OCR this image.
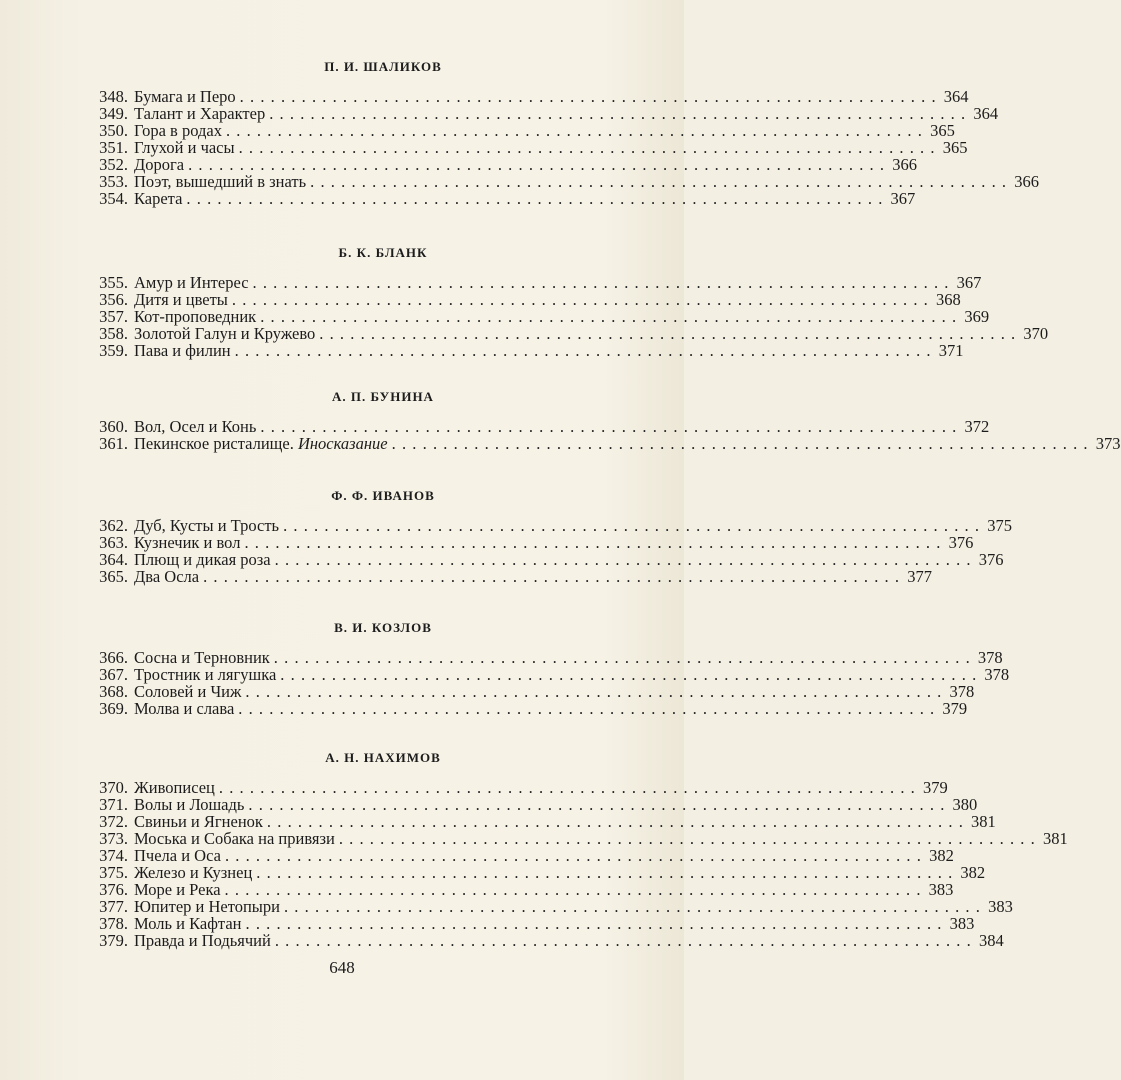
П. И. ШАЛИКОВ
348. Бумага и Перо .................................................................... 364
349. Талант и Характер .................................................................... 364
350. Гора в родах .................................................................... 365
351. Глухой и часы .................................................................... 365
352. Дорога .................................................................... 366
353. Поэт, вышедший в знать .................................................................... 366
354. Карета .................................................................... 367
Б. К. БЛАНК
355. Амур и Интерес .................................................................... 367
356. Дитя и цветы .................................................................... 368
357. Кот-проповедник .................................................................... 369
358. Золотой Галун и Кружево .................................................................... 370
359. Пава и филин .................................................................... 371
А. П. БУНИНА
360. Вол, Осел и Конь .................................................................... 372
361. Пекинское ристалище. Иносказание .................................................................... 373
Ф. Ф. ИВАНОВ
362. Дуб, Кусты и Трость .................................................................... 375
363. Кузнечик и вол .................................................................... 376
364. Плющ и дикая роза .................................................................... 376
365. Два Осла .................................................................... 377
В. И. КОЗЛОВ
366. Сосна и Терновник .................................................................... 378
367. Тростник и лягушка .................................................................... 378
368. Соловей и Чиж .................................................................... 378
369. Молва и слава .................................................................... 379
А. Н. НАХИМОВ
370. Живописец .................................................................... 379
371. Волы и Лошадь .................................................................... 380
372. Свиньи и Ягненок .................................................................... 381
373. Моська и Собака на привязи .................................................................... 381
374. Пчела и Оса .................................................................... 382
375. Железо и Кузнец .................................................................... 382
376. Море и Река .................................................................... 383
377. Юпитер и Нетопыри .................................................................... 383
378. Моль и Кафтан .................................................................... 383
379. Правда и Подьячий .................................................................... 384
648
